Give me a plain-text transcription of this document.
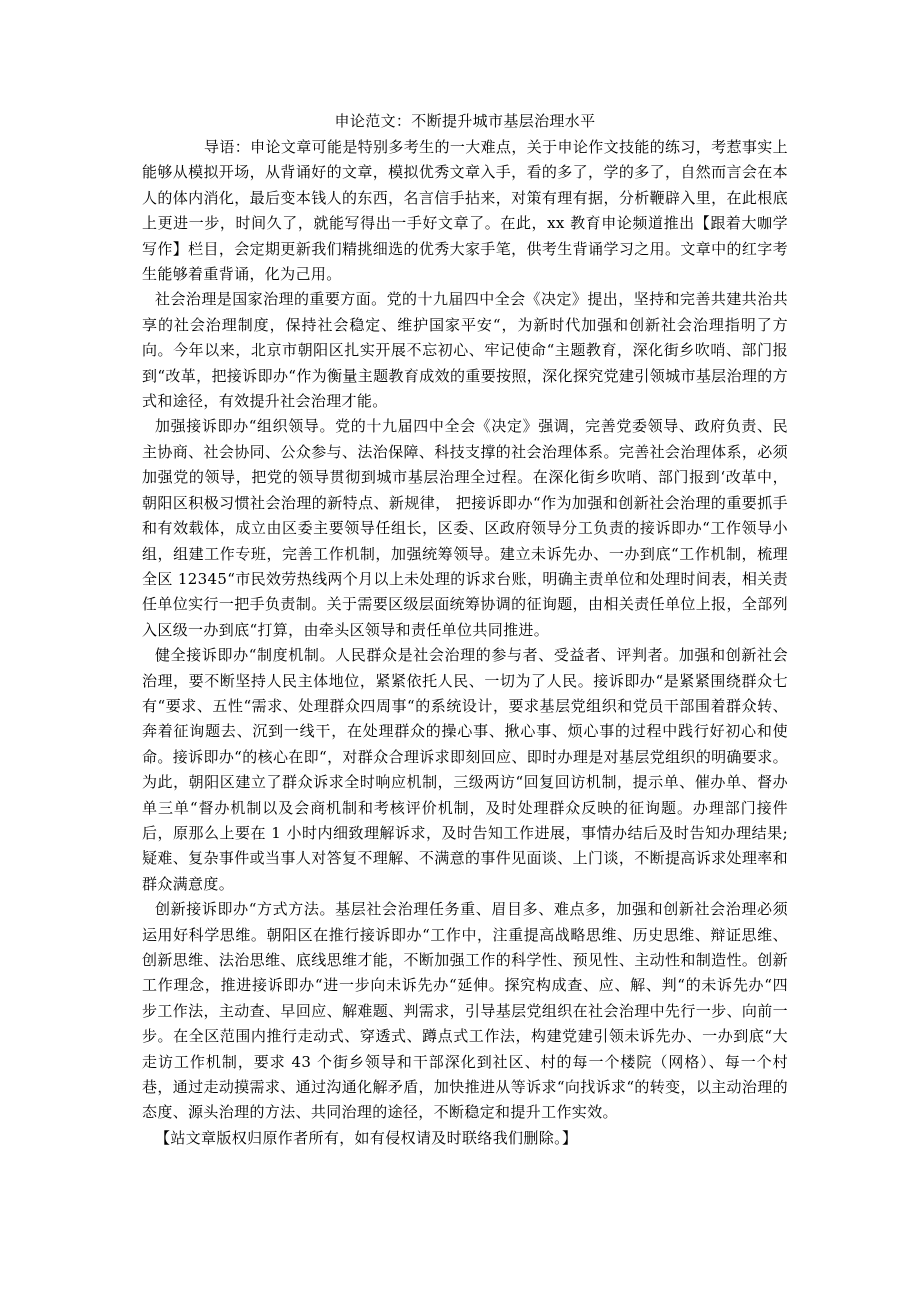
申论范文：不断提升城市基层治理水平

导语：申论文章可能是特别多考生的一大难点，关于申论作文技能的练习，考惹事实上能够从模拟开场，从背诵好的文章，模拟优秀文章入手，看的多了，学的多了，自然而言会在本人的体内消化，最后变本钱人的东西，名言信手拈来，对策有理有据，分析鞭辟入里，在此根底上更进一步，时间久了，就能写得出一手好文章了。在此，xx 教育申论频道推出【跟着大咖学写作】栏目，会定期更新我们精挑细选的优秀大家手笔，供考生背诵学习之用。文章中的红字考生能够着重背诵，化为己用。

社会治理是国家治理的重要方面。党的十九届四中全会《决定》提出，坚持和完善共建共治共享的社会治理制度，保持社会稳定、维护国家平安“，为新时代加强和创新社会治理指明了方向。今年以来，北京市朝阳区扎实开展不忘初心、牢记使命“主题教育，深化街乡吹哨、部门报到“改革，把接诉即办“作为衡量主题教育成效的重要按照，深化探究党建引领城市基层治理的方式和途径，有效提升社会治理才能。

加强接诉即办“组织领导。党的十九届四中全会《决定》强调，完善党委领导、政府负责、民主协商、社会协同、公众参与、法治保障、科技支撑的社会治理体系。完善社会治理体系，必须加强党的领导，把党的领导贯彻到城市基层治理全过程。在深化街乡吹哨、部门报到‘改革中，朝阳区积极习惯社会治理的新特点、新规律， 把接诉即办“作为加强和创新社会治理的重要抓手和有效载体，成立由区委主要领导任组长，区委、区政府领导分工负责的接诉即办“工作领导小组，组建工作专班，完善工作机制，加强统筹领导。建立未诉先办、一办到底“工作机制，梳理全区 12345“市民效劳热线两个月以上未处理的诉求台账，明确主责单位和处理时间表，相关责任单位实行一把手负责制。关于需要区级层面统筹协调的征询题，由相关责任单位上报，全部列入区级一办到底“打算，由牵头区领导和责任单位共同推进。

健全接诉即办“制度机制。人民群众是社会治理的参与者、受益者、评判者。加强和创新社会治理，要不断坚持人民主体地位，紧紧依托人民、一切为了人民。接诉即办“是紧紧围绕群众七有“要求、五性“需求、处理群众四周事“的系统设计，要求基层党组织和党员干部围着群众转、奔着征询题去、沉到一线干，在处理群众的操心事、揪心事、烦心事的过程中践行好初心和使命。接诉即办“的核心在即“，对群众合理诉求即刻回应、即时办理是对基层党组织的明确要求。为此，朝阳区建立了群众诉求全时响应机制，三级两访“回复回访机制，提示单、催办单、督办单三单“督办机制以及会商机制和考核评价机制，及时处理群众反映的征询题。办理部门接件后，原那么上要在 1 小时内细致理解诉求，及时告知工作进展，事情办结后及时告知办理结果;疑难、复杂事件或当事人对答复不理解、不满意的事件见面谈、上门谈，不断提高诉求处理率和群众满意度。

创新接诉即办“方式方法。基层社会治理任务重、眉目多、难点多，加强和创新社会治理必须运用好科学思维。朝阳区在推行接诉即办“工作中，注重提高战略思维、历史思维、辩证思维、创新思维、法治思维、底线思维才能，不断加强工作的科学性、预见性、主动性和制造性。创新工作理念，推进接诉即办“进一步向未诉先办“延伸。探究构成查、应、解、判“的未诉先办“四步工作法，主动查、早回应、解难题、判需求，引导基层党组织在社会治理中先行一步、向前一步。在全区范围内推行走动式、穿透式、蹲点式工作法，构建党建引领未诉先办、一办到底“大走访工作机制，要求 43 个街乡领导和干部深化到社区、村的每一个楼院（网格）、每一个村巷，通过走动摸需求、通过沟通化解矛盾，加快推进从等诉求“向找诉求“的转变，以主动治理的态度、源头治理的方法、共同治理的途径，不断稳定和提升工作实效。

【站文章版权归原作者所有，如有侵权请及时联络我们删除。】
